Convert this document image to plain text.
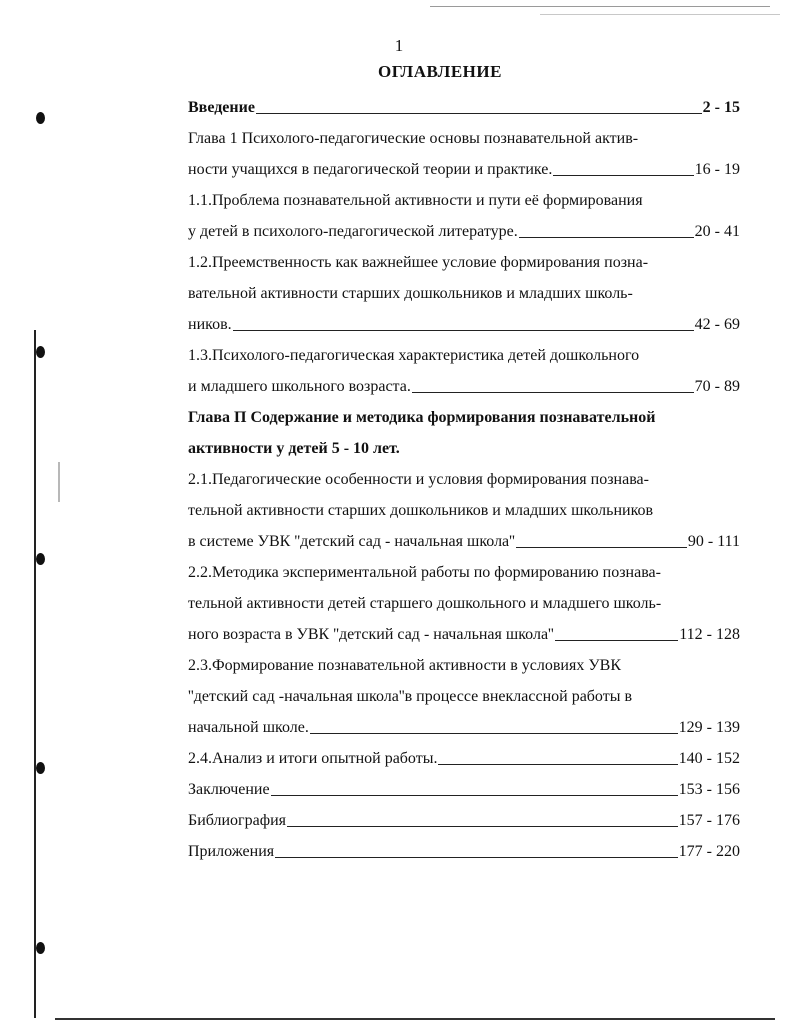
1
ОГЛАВЛЕНИЕ
Введение	2 - 15
Глава 1 Психолого-педагогические основы познавательной актив-
ности учащихся в педагогической теории и практике.	16 - 19
1.1.Проблема познавательной активности и пути её формирования
у детей в психолого-педагогической литературе.	20 - 41
1.2.Преемственность как важнейшее условие формирования позна-
вательной активности старших дошкольников и младших школь-
ников.	42 - 69
1.3.Психолого-педагогическая характеристика детей дошкольного
и младшего школьного возраста.	70 - 89
Глава П Содержание и методика формирования познавательной
активности у детей 5 - 10 лет.
2.1.Педагогические особенности и условия формирования познава-
тельной активности старших дошкольников и младших школьников
в системе УВК ''детский сад - начальная школа''	90 - 111
2.2.Методика экспериментальной работы по формированию познава-
тельной активности детей старшего дошкольного и младшего школь-
ного возраста в УВК ''детский сад - начальная школа''	112 - 128
2.3.Формирование познавательной активности в условиях УВК
''детский сад -начальная школа''в процессе внеклассной работы в
начальной школе.	129 - 139
2.4.Анализ и итоги опытной работы.	140 - 152
Заключение	153 - 156
Библиография	157 - 176
Приложения	177 - 220
